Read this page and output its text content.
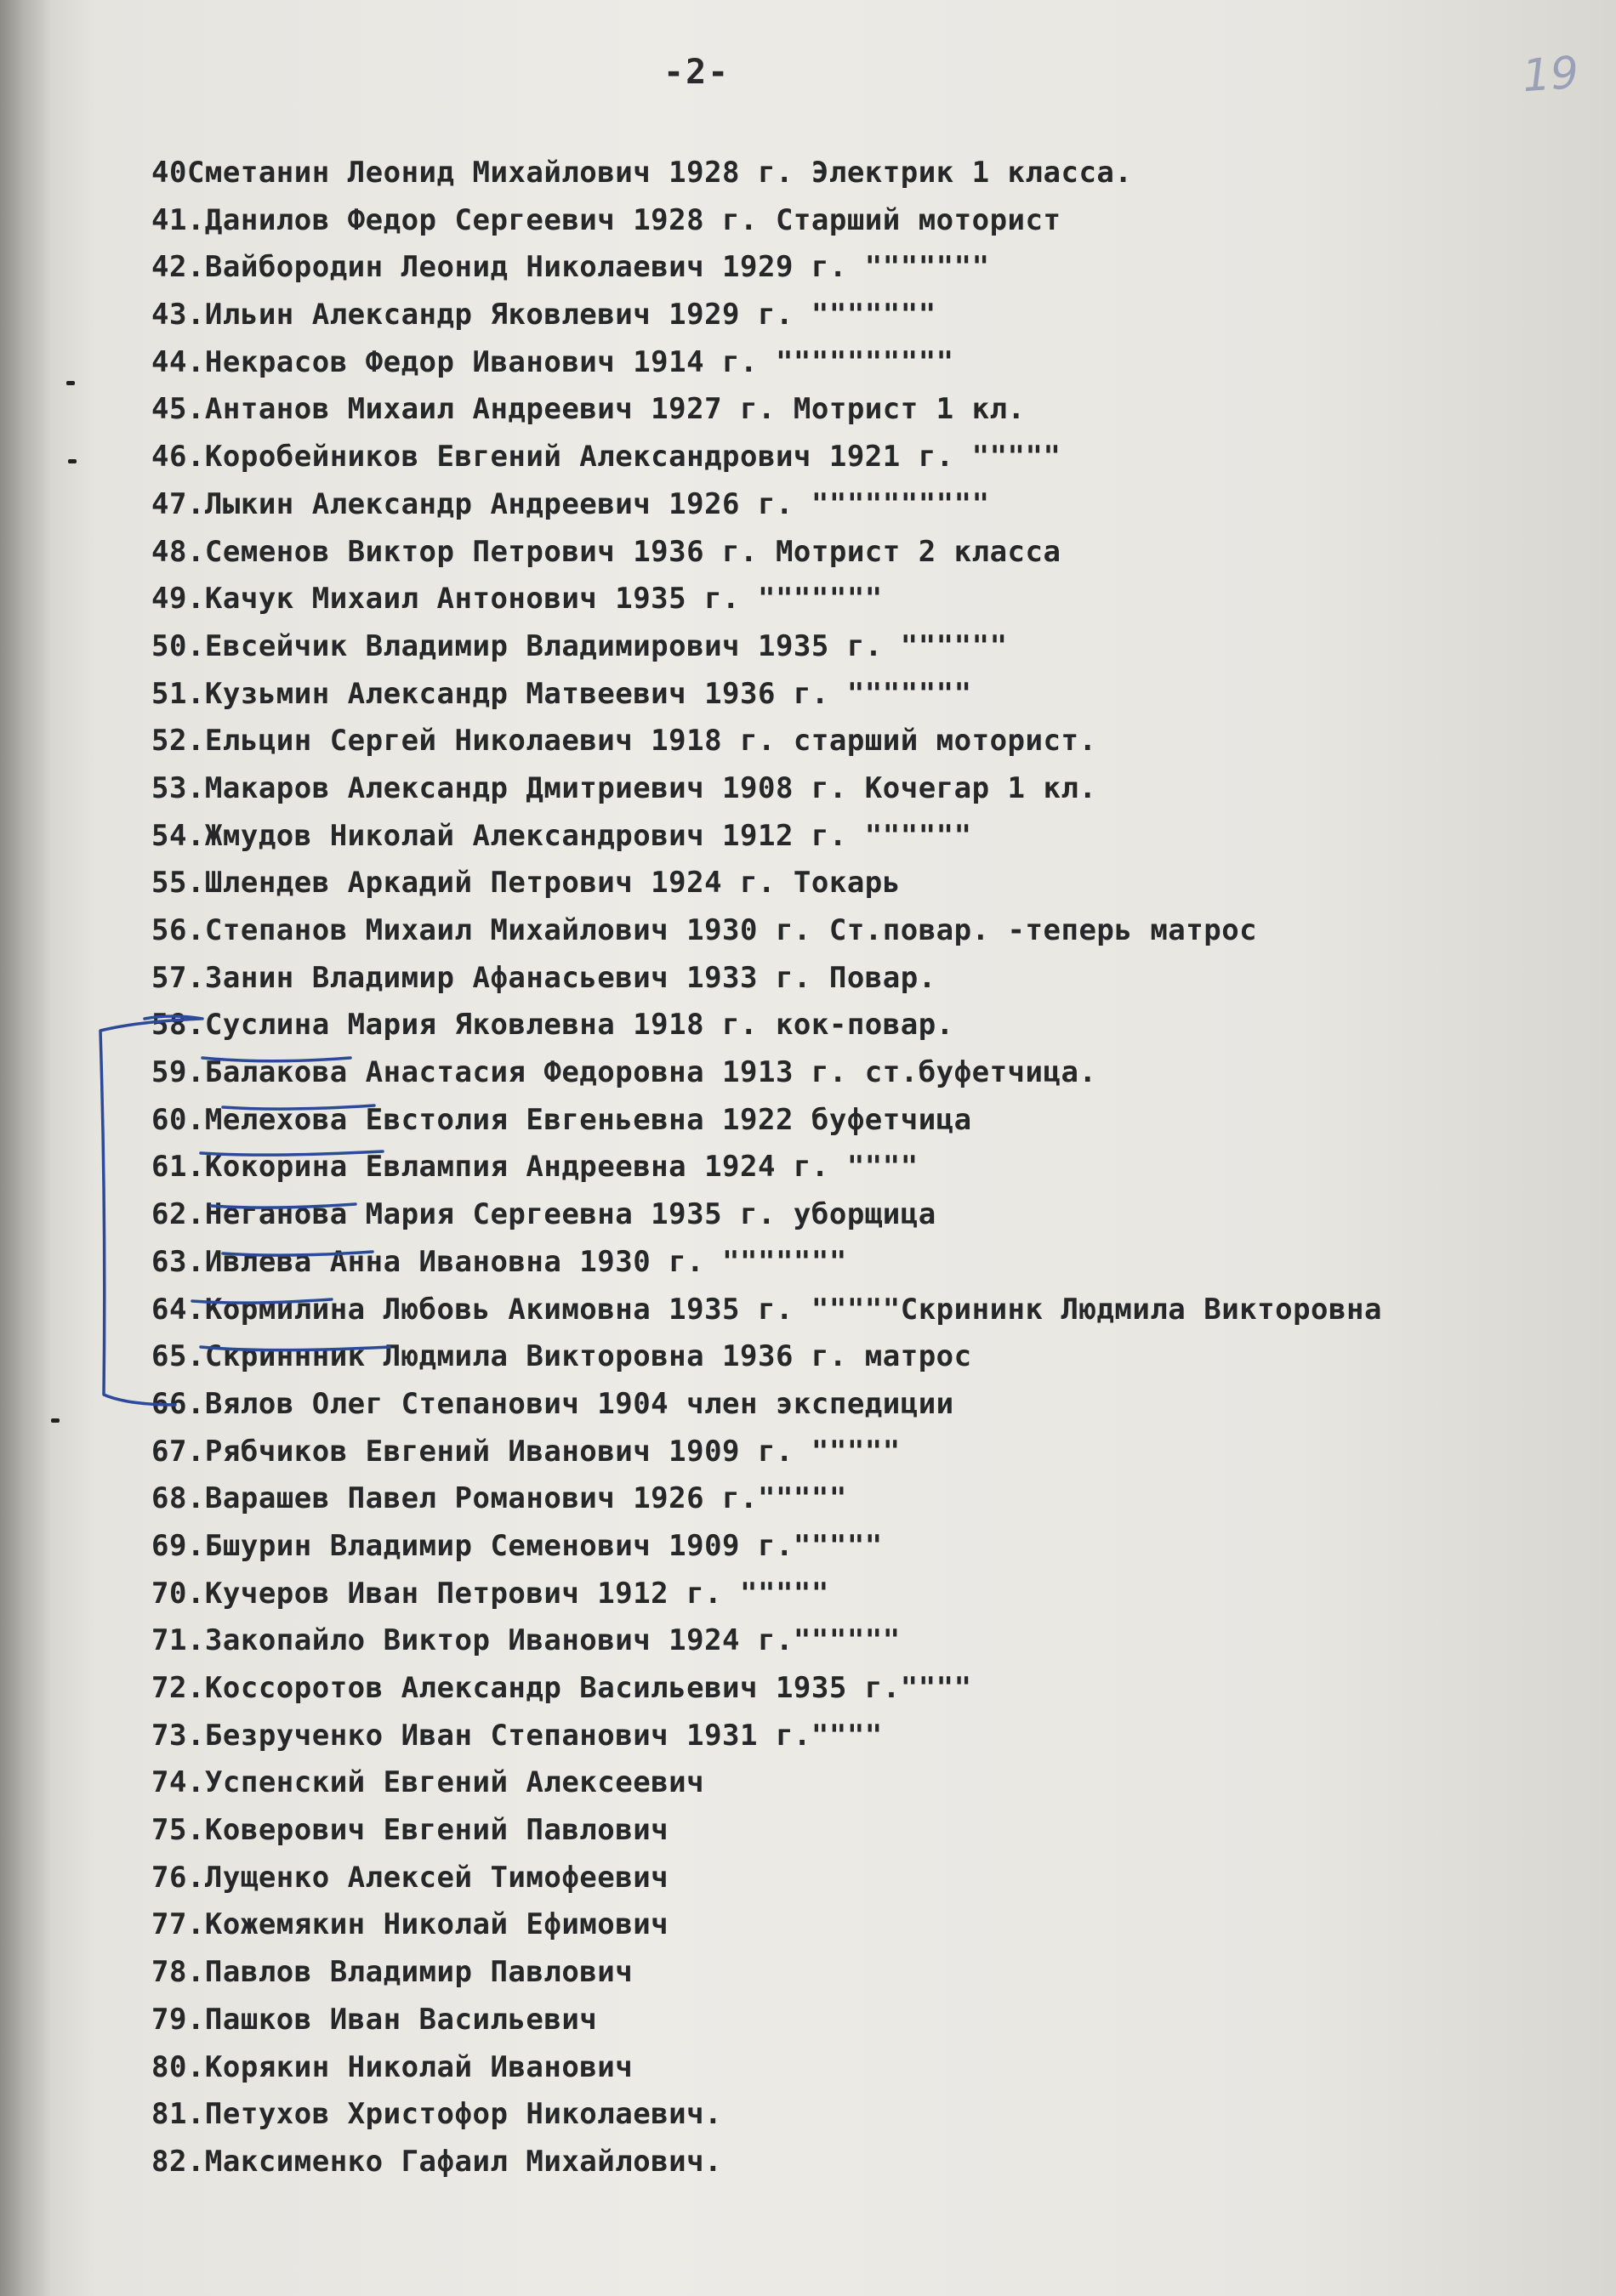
-2-	19
40Сметанин Леонид Михайлович 1928 г. Электрик 1 класса.
41.Данилов Федор Сергеевич 1928 г. Старший моторист
42.Вайбородин Леонид Николаевич 1929 г. """""""
43.Ильин Александр Яковлевич 1929 г. """""""
44.Некрасов Федор Иванович 1914 г. """"""""""
45.Антанов Михаил Андреевич 1927 г. Мотрист 1 кл.
46.Коробейников Евгений Александрович 1921 г. """""
47.Лыкин Александр Андреевич 1926 г. """"""""""
48.Семенов Виктор Петрович 1936 г. Мотрист 2 класса
49.Качук Михаил Антонович 1935 г. """""""
50.Евсейчик Владимир Владимирович 1935 г. """"""
51.Кузьмин Александр Матвеевич 1936 г. """""""
52.Ельцин Сергей Николаевич 1918 г. старший моторист.
53.Макаров Александр Дмитриевич 1908 г. Кочегар 1 кл.
54.Жмудов Николай Александрович 1912 г. """"""
55.Шлендев Аркадий Петрович 1924 г. Токарь
56.Степанов Михаил Михайлович 1930 г. Ст.повар. -теперь матрос
57.Занин Владимир Афанасьевич 1933 г. Повар.
58.Суслина Мария Яковлевна 1918 г. кок-повар.
59.Балакова Анастасия Федоровна 1913 г. ст.буфетчица.
60.Мелехова Евстолия Евгеньевна 1922 буфетчица
61.Кокорина Евлампия Андреевна 1924 г. """"
62.Неганова Мария Сергеевна 1935 г. уборщица
63.Ивлева Анна Ивановна 1930 г. """""""
64.Кормилина Любовь Акимовна 1935 г. """""Скрининк Людмила Викторовна
65.Скриннник Людмила Викторовна 1936 г. матрос
66.Вялов Олег Степанович 1904 член экспедиции
67.Рябчиков Евгений Иванович 1909 г. """""
68.Варашев Павел Романович 1926 г."""""
69.Бшурин Владимир Семенович 1909 г."""""
70.Кучеров Иван Петрович 1912 г. """""
71.Закопайло Виктор Иванович 1924 г.""""""
72.Коссоротов Александр Васильевич 1935 г.""""
73.Безрученко Иван Степанович 1931 г.""""
74.Успенский Евгений Алексеевич
75.Коверович Евгений Павлович
76.Лущенко Алексей Тимофеевич
77.Кожемякин Николай Ефимович
78.Павлов Владимир Павлович
79.Пашков Иван Васильевич
80.Корякин Николай Иванович
81.Петухов Христофор Николаевич.
82.Максименко Гафаил Михайлович.
